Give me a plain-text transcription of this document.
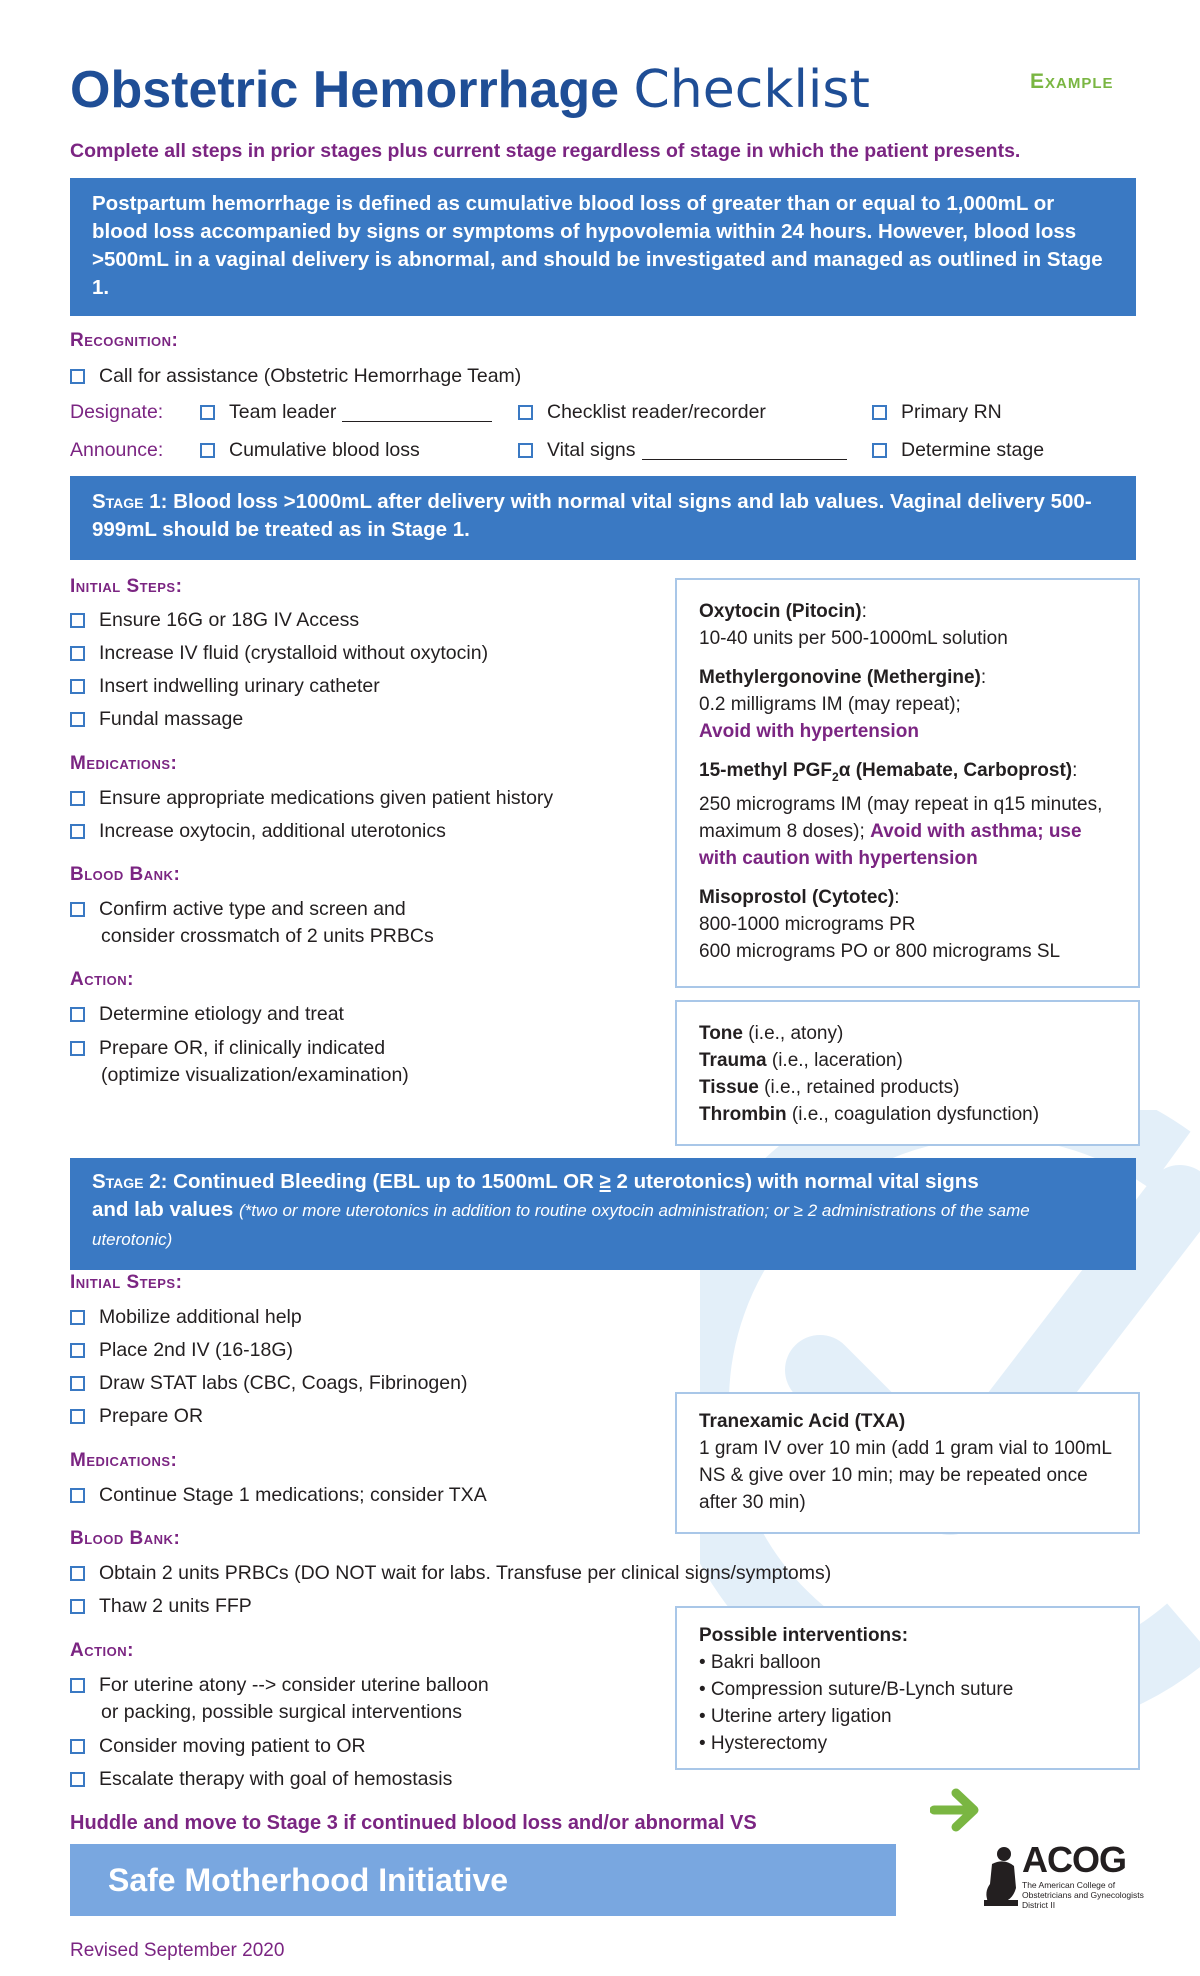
Obstetric Hemorrhage Checklist	Example
Complete all steps in prior stages plus current stage regardless of stage in which the patient presents.
Postpartum hemorrhage is defined as cumulative blood loss of greater than or equal to 1,000mL or blood loss accompanied by signs or symptoms of hypovolemia within 24 hours. However, blood loss >500mL in a vaginal delivery is abnormal, and should be investigated and managed as outlined in Stage 1.
Recognition:
Call for assistance (Obstetric Hemorrhage Team)
Designate:	Team leader	Checklist reader/recorder	Primary RN
Announce:	Cumulative blood loss	Vital signs	Determine stage
Stage 1: Blood loss >1000mL after delivery with normal vital signs and lab values. Vaginal delivery 500-999mL should be treated as in Stage 1.
Initial Steps:
Ensure 16G or 18G IV Access
Increase IV fluid (crystalloid without oxytocin)
Insert indwelling urinary catheter
Fundal massage
Medications:
Ensure appropriate medications given patient history
Increase oxytocin, additional uterotonics
Blood Bank:
Confirm active type and screen and
consider crossmatch of 2 units PRBCs
Action:
Determine etiology and treat
Prepare OR, if clinically indicated
(optimize visualization/examination)

Oxytocin (Pitocin):
10-40 units per 500-1000mL solution

Methylergonovine (Methergine):
0.2 milligrams IM (may repeat);
Avoid with hypertension

15-methyl $PGF_2\alpha$ (Hemabate, Carboprost):
250 micrograms IM (may repeat in q15 minutes, maximum 8 doses); Avoid with asthma; use with caution with hypertension

Misoprostol (Cytotec):
800-1000 micrograms PR
600 micrograms PO or 800 micrograms SL

Tone (i.e., atony)
Trauma (i.e., laceration)
Tissue (i.e., retained products)
Thrombin (i.e., coagulation dysfunction)
Stage 2: Continued Bleeding (EBL up to 1500mL OR ≥ 2 uterotonics) with normal vital signs
and lab values (*two or more uterotonics in addition to routine oxytocin administration; or ≥ 2 administrations of the same uterotonic)
Initial Steps:
Mobilize additional help
Place 2nd IV (16-18G)
Draw STAT labs (CBC, Coags, Fibrinogen)
Prepare OR
Medications:
Continue Stage 1 medications; consider TXA
Blood Bank:
Obtain 2 units PRBCs (DO NOT wait for labs. Transfuse per clinical signs/symptoms)
Thaw 2 units FFP
Action:
For uterine atony --> consider uterine balloon
or packing, possible surgical interventions
Consider moving patient to OR
Escalate therapy with goal of hemostasis
Tranexamic Acid (TXA)
1 gram IV over 10 min (add 1 gram vial to 100mL NS & give over 10 min; may be repeated once after 30 min)
Possible interventions:
• Bakri balloon
• Compression suture/B-Lynch suture
• Uterine artery ligation
• Hysterectomy
Huddle and move to Stage 3 if continued blood loss and/or abnormal VS
Safe Motherhood Initiative
Revised September 2020
ACOG
The American College of
Obstetricians and Gynecologists
District II
